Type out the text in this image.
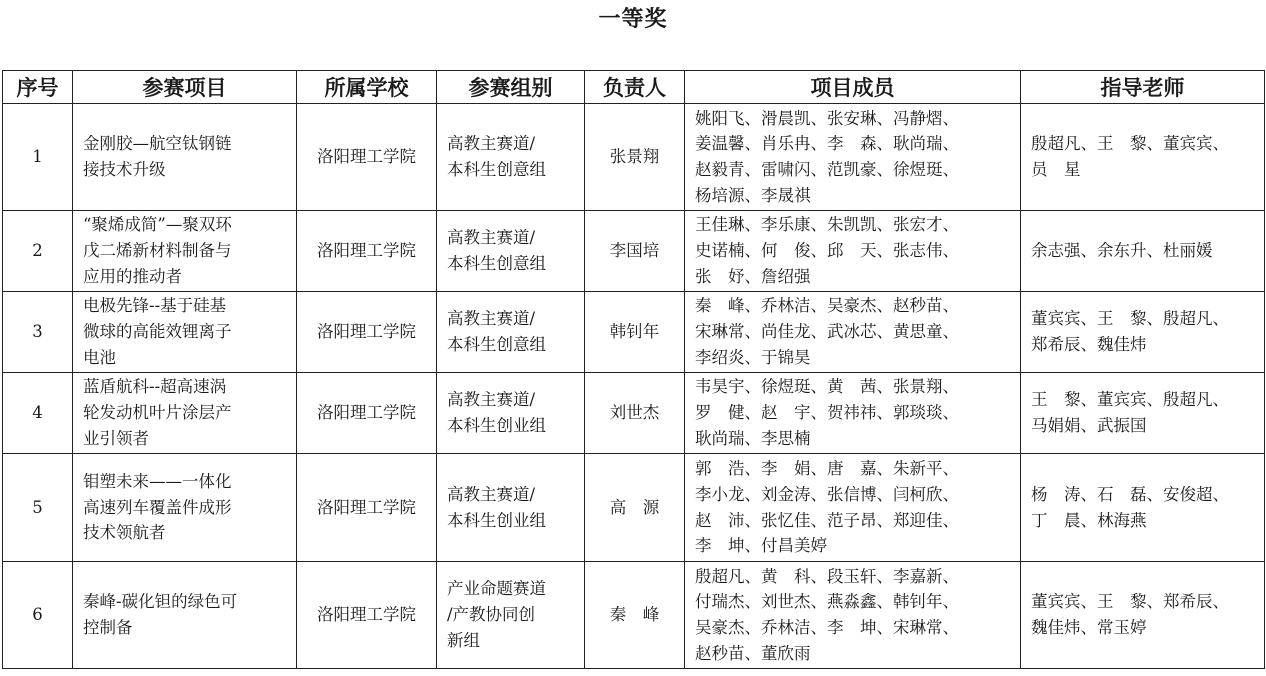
一等奖
序号	参赛项目	所属学校	参赛组别	负责人	项目成员	指导老师
1	金刚胶—航空钛钢链
接技术升级	洛阳理工学院	高教主赛道/
本科生创意组	张景翔	姚阳飞、滑晨凯、张安琳、冯静熠、
姜温馨、肖乐冉、李　森、耿尚瑞、
赵毅青、雷啸闪、范凯豪、徐煜珽、
杨培源、李晟祺	殷超凡、王　黎、董宾宾、
员　星
2	“聚烯成简”—聚双环
戊二烯新材料制备与
应用的推动者	洛阳理工学院	高教主赛道/
本科生创意组	李国培	王佳琳、李乐康、朱凯凯、张宏才、
史诺楠、何　俊、邱　天、张志伟、
张　妤、詹绍强	余志强、余东升、杜丽媛
3	电极先锋--基于硅基
微球的高能效锂离子
电池	洛阳理工学院	高教主赛道/
本科生创意组	韩钊年	秦　峰、乔林洁、吴豪杰、赵秒苗、
宋琳常、尚佳龙、武冰芯、黄思童、
李绍炎、于锦昊	董宾宾、王　黎、殷超凡、
郑希辰、魏佳炜
4	蓝盾航科--超高速涡
轮发动机叶片涂层产
业引领者	洛阳理工学院	高教主赛道/
本科生创业组	刘世杰	韦昊宇、徐煜珽、黄　茜、张景翔、
罗　健、赵　宇、贺祎祎、郭琰琰、
耿尚瑞、李思楠	王　黎、董宾宾、殷超凡、
马娟娟、武振国
5	钼塑未来——一体化
高速列车覆盖件成形
技术领航者	洛阳理工学院	高教主赛道/
本科生创业组	高　源	郭　浩、李　娟、唐　嘉、朱新平、
李小龙、刘金涛、张信博、闫柯欣、
赵　沛、张忆佳、范子昂、郑迎佳、
李　坤、付昌美婷	杨　涛、石　磊、安俊超、
丁　晨、林海燕
6	秦峰-碳化钽的绿色可
控制备	洛阳理工学院	产业命题赛道
/产教协同创
新组	秦　峰	殷超凡、黄　科、段玉轩、李嘉新、
付瑞杰、刘世杰、燕淼鑫、韩钊年、
吴豪杰、乔林洁、李　坤、宋琳常、
赵秒苗、董欣雨	董宾宾、王　黎、郑希辰、
魏佳炜、常玉婷
